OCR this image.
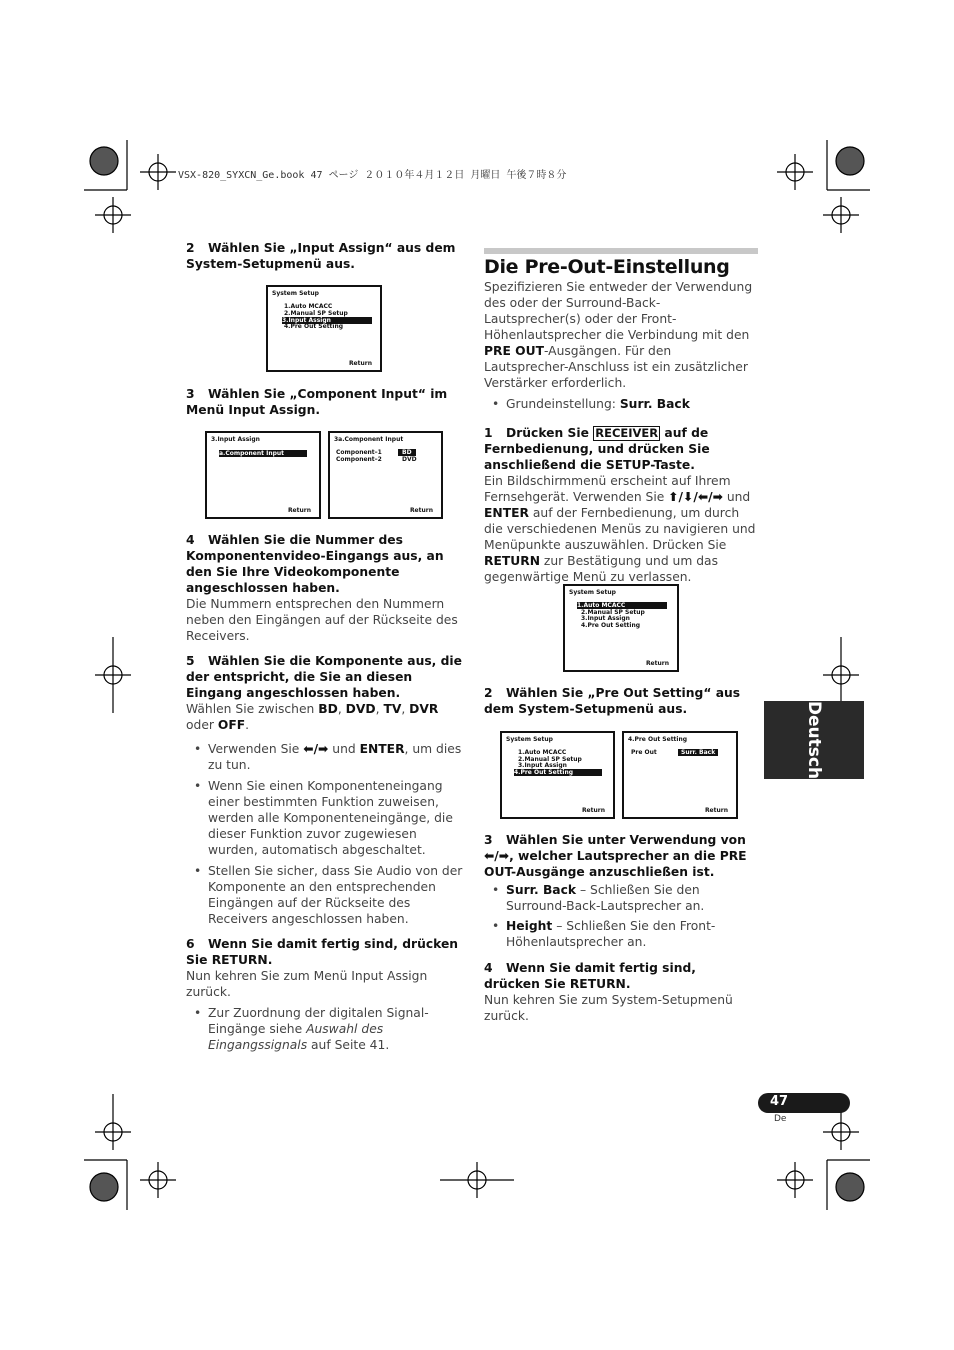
VSX-820_SYXCN_Ge.book 47 ページ ２０１０年４月１２日 月曜日 午後７時８分

2 Wählen Sie „Input Assign“ aus dem System-Setupmenü aus.

System Setup
1.Auto MCACC
2.Manual SP Setup
3.Input Assign
4.Pre Out Setting
Return

3 Wählen Sie „Component Input“ im Menü Input Assign.

3.Input Assign
a.Component Input
Return
3a.Component Input
Component–1	BD
Component–2	DVD
Return

4 Wählen Sie die Nummer des Komponentenvideo-Eingangs aus, an den Sie Ihre Videokomponente angeschlossen haben.

Die Nummern entsprechen den Nummern neben den Eingängen auf der Rückseite des Receivers.

5 Wählen Sie die Komponente aus, die der entspricht, die Sie an diesen Eingang angeschlossen haben.

Wählen Sie zwischen BD, DVD, TV, DVR oder OFF.

• Verwenden Sie ⬅/➡ und ENTER, um dies zu tun.

• Wenn Sie einen Komponenteneingang einer bestimmten Funktion zuweisen, werden alle Komponenteneingänge, die dieser Funktion zuvor zugewiesen wurden, automatisch abgeschaltet.

• Stellen Sie sicher, dass Sie Audio von der Komponente an den entsprechenden Eingängen auf der Rückseite des Receivers angeschlossen haben.

6 Wenn Sie damit fertig sind, drücken Sie RETURN.

Nun kehren Sie zum Menü Input Assign zurück.

• Zur Zuordnung der digitalen Signal-Eingänge siehe Auswahl des Eingangssignals auf Seite 41.

Die Pre-Out-Einstellung

Spezifizieren Sie entweder der Verwendung des oder der Surround-Back-Lautsprecher(s) oder der Front-Höhenlautsprecher die Verbindung mit den PRE OUT-Ausgängen. Für den Lautsprecher-Anschluss ist ein zusätzlicher Verstärker erforderlich.

• Grundeinstellung: Surr. Back

1 Drücken Sie RECEIVER auf de Fernbedienung, und drücken Sie anschließend die SETUP-Taste.

Ein Bildschirmmenü erscheint auf Ihrem Fernsehgerät. Verwenden Sie ⬆/⬇/⬅/➡ und ENTER auf der Fernbedienung, um durch die verschiedenen Menüs zu navigieren und Menüpunkte auszuwählen. Drücken Sie RETURN zur Bestätigung und um das gegenwärtige Menü zu verlassen.

System Setup
1.Auto MCACC
2.Manual SP Setup
3.Input Assign
4.Pre Out Setting
Return

2 Wählen Sie „Pre Out Setting“ aus dem System-Setupmenü aus.

System Setup
1.Auto MCACC
2.Manual SP Setup
3.Input Assign
4.Pre Out Setting
Return
4.Pre Out Setting
Pre Out	Surr. Back
Return

3 Wählen Sie unter Verwendung von ⬅/➡, welcher Lautsprecher an die PRE OUT-Ausgänge anzuschließen ist.

• Surr. Back – Schließen Sie den Surround-Back-Lautsprecher an.

• Height – Schließen Sie den Front-Höhenlautsprecher an.

4 Wenn Sie damit fertig sind, drücken Sie RETURN.

Nun kehren Sie zum System-Setupmenü zurück.

Deutsch
47
De
